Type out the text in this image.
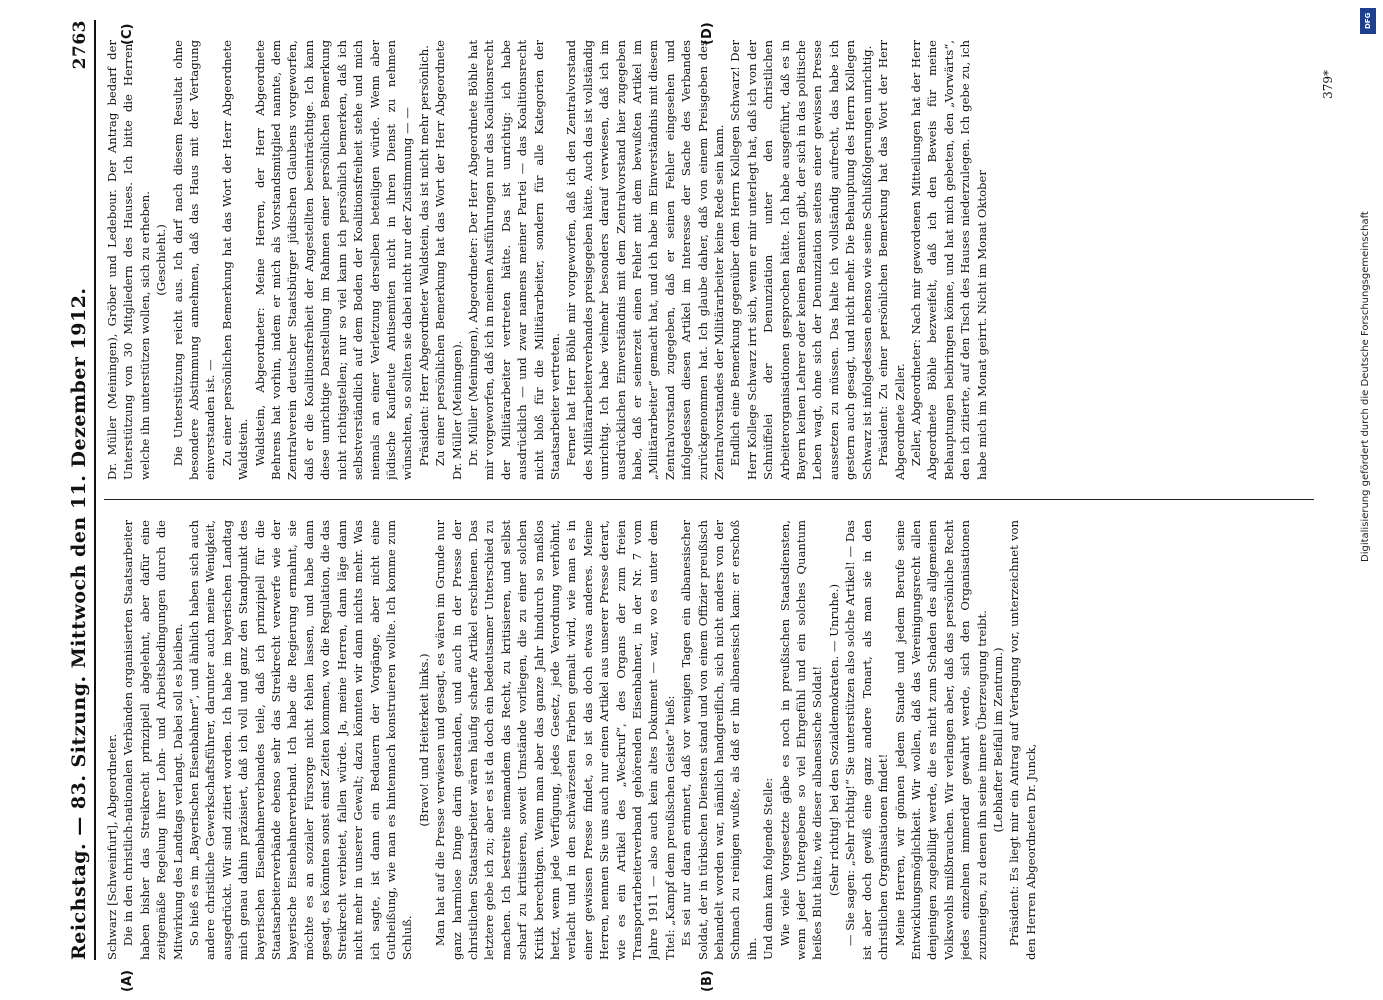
Reichstag. — 83. Sitzung. Mittwoch den 11. Dezember 1912.
2763

Schwarz [Schweinfurt], Abgeordneter. Die in den christlich-nationalen Verbänden organisierten Staatsarbeiter haben bisher das Streikrecht prinzipiell abgelehnt, aber dafür eine zeitgemäße Regelung ihrer Lohn- und Arbeitsbedingungen durch die Mitwirkung des Landtags verlangt. Dabei soll es bleiben. So hieß es im „Bayerischen Eisenbahner“, und ähnlich haben sich auch andere christliche Gewerkschaftsführer, darunter auch meine Wenigkeit, ausgedrückt. Wir sind zitiert worden. Ich habe im bayerischen Landtag mich genau dahin präzisiert, daß ich voll und ganz den Standpunkt des bayerischen Eisenbahnerverbandes teile, daß ich prinzipiell für die Staatsarbeiterverbände ebenso sehr das Streikrecht verwerfe wie der bayerische Eisenbahnerverband. Ich habe die Regierung ermahnt, sie möchte es an sozialer Fürsorge nicht fehlen lassen, und habe dann gesagt, es könnten sonst einst Zeiten kommen, wo die Regulation, die das Streikrecht verbietet, fallen würde. Ja, meine Herren, dann läge dann nicht mehr in unserer Gewalt; dazu könnten wir dann nichts mehr. Was ich sagte, ist dann ein Bedauern der Vorgänge, aber nicht eine Gutheißung, wie man es hintennach konstruieren wollte. Ich komme zum Schluß.

(Bravo! und Heiterkeit links.) Man hat auf die Presse verwiesen und gesagt, es wären im Grunde nur ganz harmlose Dinge darin gestanden, und auch in der Presse der christlichen Staatsarbeiter wären häufig scharfe Artikel erschienen. Das letztere gebe ich zu; aber es ist da doch ein bedeutsamer Unterschied zu machen. Ich bestreite niemandem das Recht, zu kritisieren, und selbst scharf zu kritisieren, soweit Umstände vorliegen, die zu einer solchen Kritik berechtigen. Wenn man aber das ganze Jahr hindurch so maßlos hetzt, wenn jede Verfügung, jedes Gesetz, jede Verordnung verhöhnt, verlacht und in den schwärzesten Farben gemalt wird, wie man es in einer gewissen Presse findet, so ist das doch etwas anderes. Meine Herren, nennen Sie uns auch nur einen Artikel aus unserer Presse derart, wie es ein Artikel des „Weckruf“, des Organs der zum freien Transportarbeiterverband gehörenden Eisenbahner, in der Nr. 7 vom Jahre 1911 — also auch kein altes Dokument — war, wo es unter dem Titel: „Kampf dem preußischen Geiste“ hieß: Es sei nur daran erinnert, daß vor wenigen Tagen ein albanesischer Soldat, der in türkischen Diensten stand und von einem Offizier preußisch behandelt worden war, nämlich handgreiflich, sich nicht anders von der Schmach zu reinigen wußte, als daß er ihn albanesisch kam: er erschoß ihn. Und dann kam folgende Stelle: Wie viele Vorgesetzte gäbe es noch in preußischen Staatsdiensten, wenn jeder Untergebene so viel Ehrgefühl und ein solches Quantum heißes Blut hätte, wie dieser albanesische Soldat! (Sehr richtig! bei den Sozialdemokraten. — Unruhe.) — Sie sagen: „Sehr richtig!“ Sie unterstützen also solche Artikel! — Das ist aber doch gewiß eine ganz andere Tonart, als man sie in den christlichen Organisationen findet! Meine Herren, wir gönnen jedem Stande und jedem Berufe seine Entwicklungsmöglichkeit. Wir wollen, daß das Vereinigungsrecht allen denjenigen zugebilligt werde, die es nicht zum Schaden des allgemeinen Volkswohls mißbrauchen. Wir verlangen aber, daß das persönliche Recht jedes einzelnen immerdar gewahrt werde, sich den Organisationen zuzuneigen, zu denen ihn seine innere Überzeugung treibt. (Lebhafter Beifall im Zentrum.) Präsident: Es liegt mir ein Antrag auf Vertagung vor, unterzeichnet von den Herren Abgeordneten Dr. Junck,

Dr. Müller (Meiningen), Gröber und Ledebour. Der Antrag bedarf der Unterstützung von 30 Mitgliedern des Hauses. Ich bitte die Herren, welche ihn unterstützen wollen, sich zu erheben. (Geschieht.) Die Unterstützung reicht aus. Ich darf nach diesem Resultat ohne besondere Abstimmung annehmen, daß das Haus mit der Vertagung einverstanden ist. — Zu einer persönlichen Bemerkung hat das Wort der Herr Abgeordnete Waldstein. Waldstein, Abgeordneter: Meine Herren, der Herr Abgeordnete Behrens hat vorhin, indem er mich als Vorstandsmitglied nannte, dem Zentralverein deutscher Staatsbürger jüdischen Glaubens vorgeworfen, daß er die Koalitionsfreiheit der Angestellten beeinträchtige. Ich kann diese unrichtige Darstellung im Rahmen einer persönlichen Bemerkung nicht richtigstellen; nur so viel kann ich persönlich bemerken, daß ich selbstverständlich auf dem Boden der Koalitionsfreiheit stehe und mich niemals an einer Verletzung derselben beteiligen würde. Wenn aber jüdische Kaufleute Antisemiten nicht in ihren Dienst zu nehmen wünschten, so sollten sie dabei nicht nur der Zustimmung — — Präsident: Herr Abgeordneter Waldstein, das ist nicht mehr persönlich. Zu einer persönlichen Bemerkung hat das Wort der Herr Abgeordnete Dr. Müller (Meiningen). Dr. Müller (Meiningen), Abgeordneter: Der Herr Abgeordnete Böhle hat mir vorgeworfen, daß ich in meinen Ausführungen nur das Koalitionsrecht der Militärarbeiter vertreten hätte. Das ist unrichtig: ich habe ausdrücklich — und zwar namens meiner Partei — das Koalitionsrecht nicht bloß für die Militärarbeiter, sondern für alle Kategorien der Staatsarbeiter vertreten. Ferner hat Herr Böhle mir vorgeworfen, daß ich den Zentralvorstand des Militärarbeiterverbandes preisgegeben hätte. Auch das ist vollständig unrichtig. Ich habe vielmehr besonders darauf verwiesen, daß ich im ausdrücklichen Einverständnis mit dem Zentralvorstand hier zugegeben habe, daß er seinerzeit einen Fehler mit dem bewußten Artikel im „Militärarbeiter“ gemacht hat, und ich habe im Einverständnis mit diesem Zentralvorstand zugegeben, daß er seinen Fehler eingesehen und infolgedessen diesen Artikel im Interesse der Sache des Verbandes zurückgenommen hat. Ich glaube daher, daß von einem Preisgeben des Zentralvorstandes der Militärarbeiter keine Rede sein kann. Endlich eine Bemerkung gegenüber dem Herrn Kollegen Schwarz! Der Herr Kollege Schwarz irrt sich, wenn er mir unterlegt hat, daß ich von der Schnüffelei der Denunziation unter den christlichen Arbeiterorganisationen gesprochen hätte. Ich habe ausgeführt, daß es in Bayern keinen Lehrer oder keinen Beamten gibt, der sich in das politische Leben wagt, ohne sich der Denunziation seitens einer gewissen Presse aussetzen zu müssen. Das halte ich vollständig aufrecht, das habe ich gestern auch gesagt, und nicht mehr. Die Behauptung des Herrn Kollegen Schwarz ist infolgedessen ebenso wie seine Schlußfolgerungen unrichtig. Präsident: Zu einer persönlichen Bemerkung hat das Wort der Herr Abgeordnete Zeller. Zeller, Abgeordneter: Nach mir gewordenen Mitteilungen hat der Herr Abgeordnete Böhle bezweifelt, daß ich den Beweis für meine Behauptungen beibringen könne, und hat mich gebeten, den „Vorwärts“, den ich zitierte, auf den Tisch des Hauses niederzulegen. Ich gebe zu, ich habe mich im Monat geirrt. Nicht im Monat Oktober

(A)	(B)
(C)	(D)
379*
DFG
Digitalisierung gefördert durch die Deutsche Forschungsgemeinschaft
